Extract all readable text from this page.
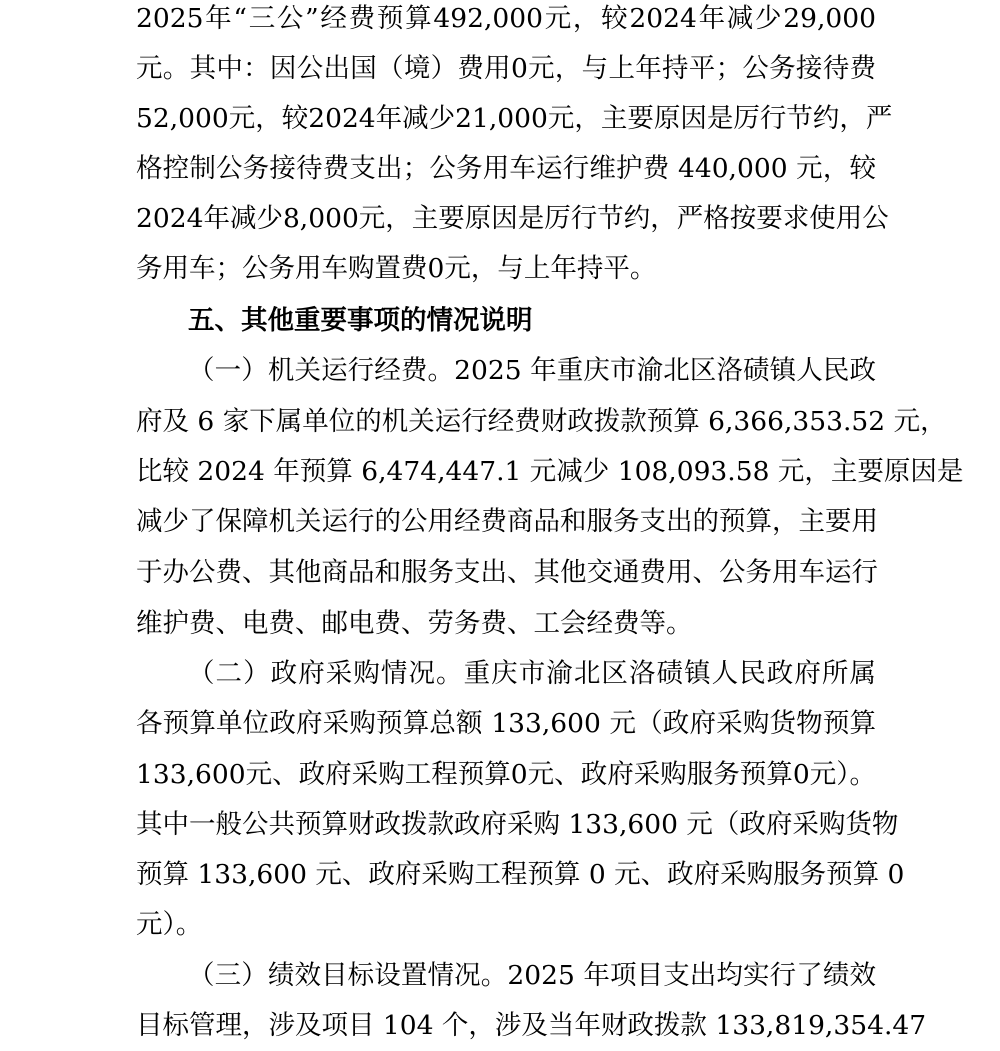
2025年“三公”经费预算492,000元，较2024年减少29,000
元。其中：因公出国（境）费用0元，与上年持平；公务接待费
52,000元，较2024年减少21,000元，主要原因是厉行节约，严
格控制公务接待费支出；公务用车运行维护费 440,000 元，较
2024年减少8,000元，主要原因是厉行节约，严格按要求使用公
务用车；公务用车购置费0元，与上年持平。
五、其他重要事项的情况说明
（一）机关运行经费。2025 年重庆市渝北区洛碛镇人民政
府及 6 家下属单位的机关运行经费财政拨款预算 6,366,353.52 元，
比较 2024 年预算 6,474,447.1 元减少 108,093.58 元，主要原因是
减少了保障机关运行的公用经费商品和服务支出的预算，主要用
于办公费、其他商品和服务支出、其他交通费用、公务用车运行
维护费、电费、邮电费、劳务费、工会经费等。
（二）政府采购情况。重庆市渝北区洛碛镇人民政府所属
各预算单位政府采购预算总额 133,600 元（政府采购货物预算
133,600元、政府采购工程预算0元、政府采购服务预算0元）。
其中一般公共预算财政拨款政府采购 133,600 元（政府采购货物
预算 133,600 元、政府采购工程预算 0 元、政府采购服务预算 0
元）。
（三）绩效目标设置情况。2025 年项目支出均实行了绩效
目标管理，涉及项目 104 个，涉及当年财政拨款 133,819,354.47
